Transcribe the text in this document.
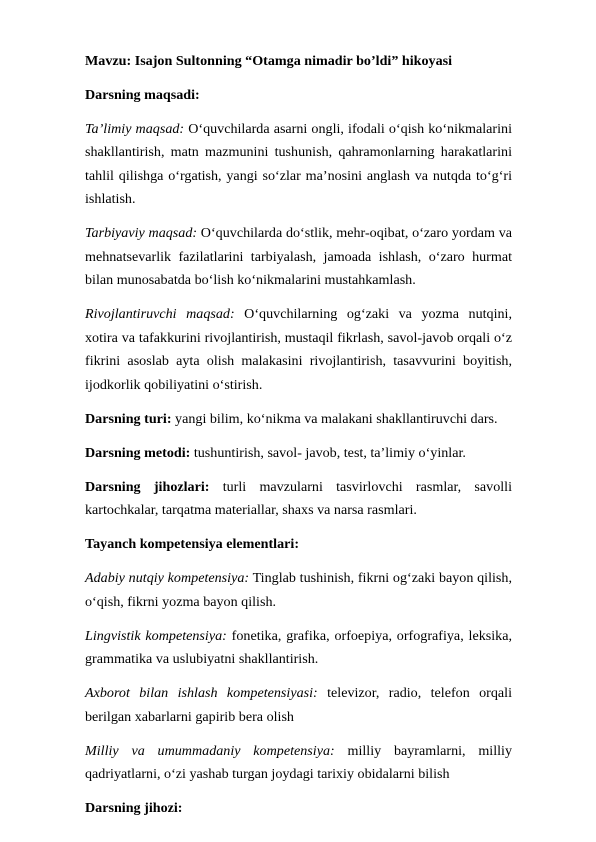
Mavzu: Isajon Sultonning “Otamga nimadir bo’ldi” hikoyasi

Darsning maqsadi:

Ta’limiy maqsad: O‘quvchilarda asarni ongli, ifodali o‘qish ko‘nikmalarini shakllantirish, matn mazmunini tushunish, qahramonlarning harakatlarini tahlil qilishga o‘rgatish, yangi so‘zlar ma’nosini anglash va nutqda to‘g‘ri ishlatish.

Tarbiyaviy maqsad: O‘quvchilarda do‘stlik, mehr-oqibat, o‘zaro yordam va mehnatsevarlik fazilatlarini tarbiyalash, jamoada ishlash, o‘zaro hurmat bilan munosabatda bo‘lish ko‘nikmalarini mustahkamlash.

Rivojlantiruvchi maqsad: O‘quvchilarning og‘zaki va yozma nutqini, xotira va tafakkurini rivojlantirish, mustaqil fikrlash, savol-javob orqali o‘z fikrini asoslab ayta olish malakasini rivojlantirish, tasavvurini boyitish, ijodkorlik qobiliyatini o‘stirish.

Darsning turi: yangi bilim, ko‘nikma va malakani shakllantiruvchi dars.

Darsning metodi: tushuntirish, savol- javob, test, ta’limiy o‘yinlar.

Darsning jihozlari: turli mavzularni tasvirlovchi rasmlar, savolli kartochkalar, tarqatma materiallar, shaxs va narsa rasmlari.

Tayanch kompetensiya elementlari:

Adabiy nutqiy kompetensiya: Tinglab tushinish, fikrni og‘zaki bayon qilish, o‘qish, fikrni yozma bayon qilish.

Lingvistik kompetensiya: fonetika, grafika, orfoepiya, orfografiya, leksika, grammatika va uslubiyatni shakllantirish.

Axborot bilan ishlash kompetensiyasi: televizor, radio, telefon orqali berilgan xabarlarni gapirib bera olish

Milliy va umummadaniy kompetensiya: milliy bayramlarni, milliy qadriyatlarni, o‘zi yashab turgan joydagi tarixiy obidalarni bilish

Darsning jihozi:
